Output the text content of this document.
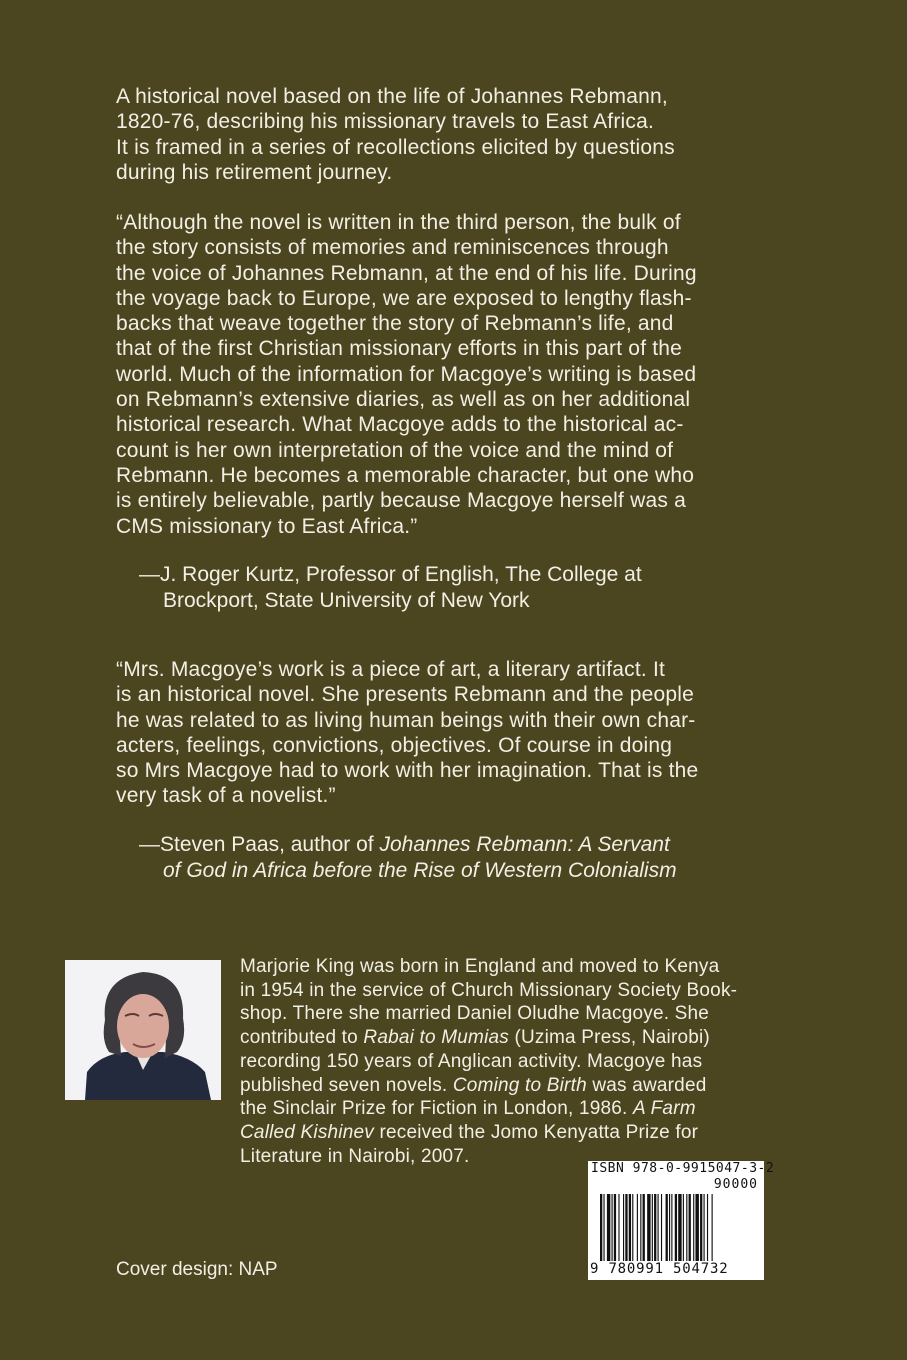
A historical novel based on the life of Johannes Rebmann,

1820-76, describing his missionary travels to East Africa.

It is framed in a series of recollections elicited by questions

during his retirement journey.

“Although the novel is written in the third person, the bulk of

the story consists of memories and reminiscences through

the voice of Johannes Rebmann, at the end of his life. During

the voyage back to Europe, we are exposed to lengthy flash-

backs that weave together the story of Rebmann’s life, and

that of the first Christian missionary efforts in this part of the

world. Much of the information for Macgoye’s writing is based

on Rebmann’s extensive diaries, as well as on her additional

historical research. What Macgoye adds to the historical ac-

count is her own interpretation of the voice and the mind of

Rebmann. He becomes a memorable character, but one who

is entirely believable, partly because Macgoye herself was a

CMS missionary to East Africa.”

—J. Roger Kurtz, Professor of English, The College at
Brockport, State University of New York

“Mrs. Macgoye’s work is a piece of art, a literary artifact. It

is an historical novel. She presents Rebmann and the people

he was related to as living human beings with their own char-

acters, feelings, convictions, objectives. Of course in doing

so Mrs Macgoye had to work with her imagination. That is the

very task of a novelist.”

—Steven Paas, author of Johannes Rebmann: A Servant
of God in Africa before the Rise of Western Colonialism

Marjorie King was born in England and moved to Kenya

in 1954 in the service of Church Missionary Society Book-

shop. There she married Daniel Oludhe Macgoye. She

contributed to Rabai to Mumias (Uzima Press, Nairobi)

recording 150 years of Anglican activity. Macgoye has

published seven novels. Coming to Birth was awarded

the Sinclair Prize for Fiction in London, 1986. A Farm

Called Kishinev received the Jomo Kenyatta Prize for

Literature in Nairobi, 2007.

ISBN 978-0-9915047-3-2
90000
9 780991 504732
Cover design: NAP
